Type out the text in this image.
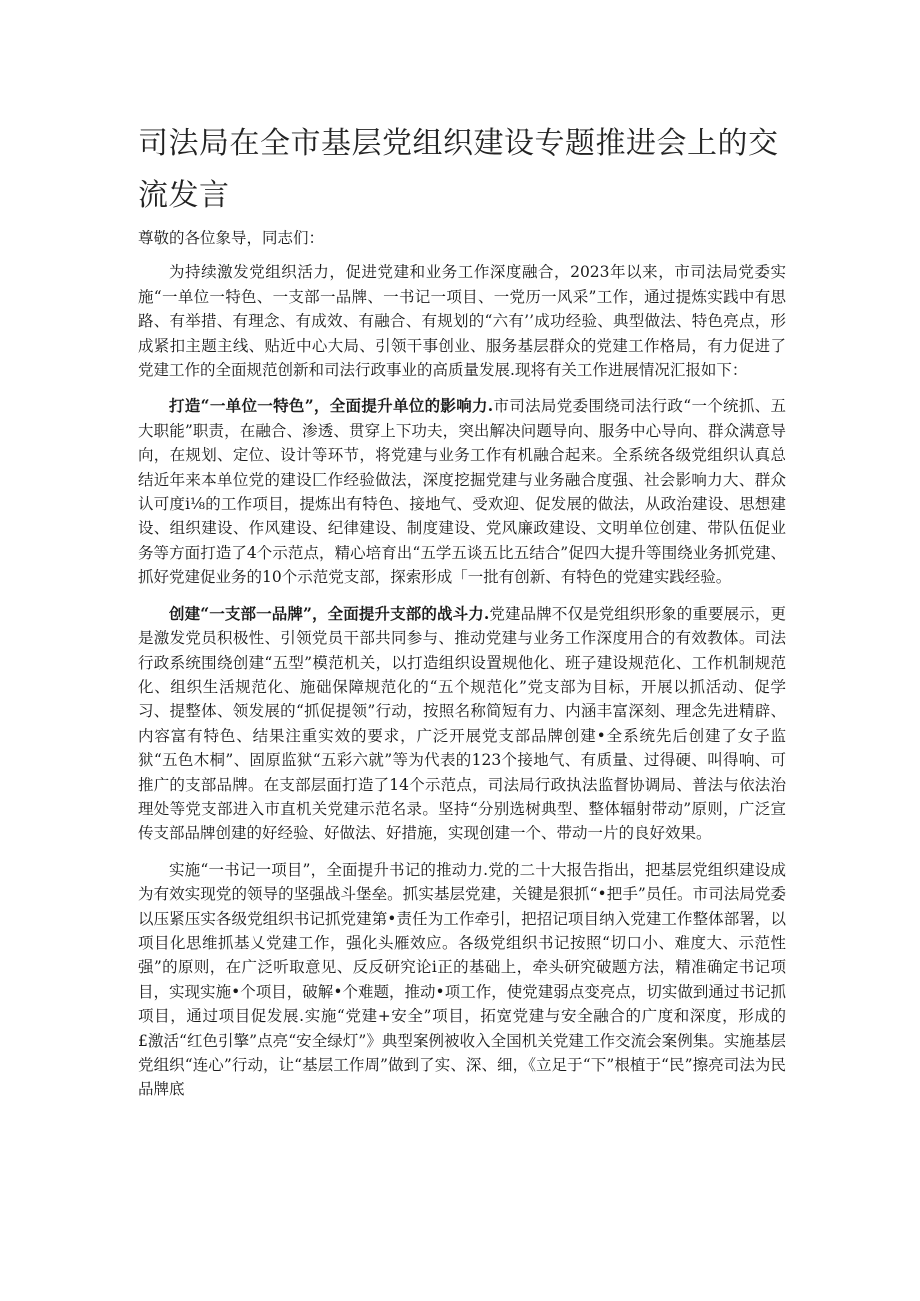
司法局在全市基层党组织建设专题推进会上的交流发言

尊敬的各位象导，同志们：

为持续激发党组织活力，促进党建和业务工作深度融合，2023年以来，市司法局党委实施“一单位一特色、一支部一品牌、一书记一项目、一党历一风采”工作，通过提炼实践中有思路、有举措、有理念、有成效、有融合、有规划的“六有’’成功经验、典型做法、特色亮点，形成紧扣主题主线、贴近中心大局、引领干事创业、服务基层群众的党建工作格局，有力促进了党建工作的全面规范创新和司法行政事业的高质量发展.现将有关工作进展情况汇报如下：

打造“一单位一特色”，全面提升单位的影响力.市司法局党委围绕司法行政“一个统抓、五大职能”职责，在融合、渗透、贯穿上下功夫，突出解决问题导向、服务中心导向、群众满意导向，在规划、定位、设计等环节，将党建与业务工作有机融合起来。全系统各级党组织认真总结近年来本单位党的建设匚作经验做法，深度挖掘党建与业务融合度强、社会影响力大、群众认可度i⅛的工作项目，提炼出有特色、接地气、受欢迎、促发展的做法，从政治建设、思想建设、组织建设、作风建设、纪律建设、制度建设、党风廉政建设、文明单位创建、带队伍促业务等方面打造了4个示范点，精心培育出“五学五谈五比五结合”促四大提升等围绕业务抓党建、抓好党建促业务的10个示范党支部，探索形成「一批有创新、有特色的党建实践经验。

创建“一支部一品牌”，全面提升支部的战斗力.党建品牌不仅是党组织形象的重要展示，更是激发党员积极性、引领党员干部共同参与、推动党建与业务工作深度用合的有效教体。司法行政系统围绕创建“五型”模范机关，以打造组织设置规他化、班子建设规范化、工作机制规范化、组织生活规范化、施础保障规范化的“五个规范化”党支部为目标，开展以抓活动、促学习、提整体、领发展的“抓促提领”行动，按照名称简短有力、内涵丰富深刻、理念先进精辟、内容富有特色、结果注重实效的要求，广泛开展党支部品牌创建•全系统先后创建了女子监狱“五色木桐”、固原监狱“五彩六就”等为代表的123个接地气、有质量、过得硬、叫得响、可推广的支部品牌。在支部层面打造了14个示范点，司法局行政执法监督协调局、普法与依法治理处等党支部进入市直机关党建示范名录。坚持“分别选树典型、整体辐射带动”原则，广泛宣传支部品牌创建的好经验、好做法、好措施，实现创建一个、带动一片的良好效果。

实施“一书记一项目”，全面提升书记的推动力.党的二十大报告指出，把基层党组织建设成为有效实现党的领导的坚强战斗堡垒。抓实基层党建，关键是狠抓“•把手”员任。市司法局党委以压紧压实各级党组织书记抓党建第•责任为工作牵引，把招记项目纳入党建工作整体部署，以项目化思维抓基乂党建工作，强化头雁效应。各级党组织书记按照“切口小、难度大、示范性强”的原则，在广泛听取意见、反反研究论i正的基础上，牵头研究破题方法，精准确定书记项目，实现实施•个项目，破解•个难题，推动•项工作，使党建弱点变亮点，切实做到通过书记抓项目，通过项目促发展.实施“党建+安全”项目，拓宽党建与安全融合的广度和深度，形成的£激活“红色引擎”点亮“安全绿灯”》典型案例被收入全国机关党建工作交流会案例集。实施基层党组织“连心”行动，让“基层工作周”做到了实、深、细，《立足于“下”根植于“民”擦亮司法为民品牌底
